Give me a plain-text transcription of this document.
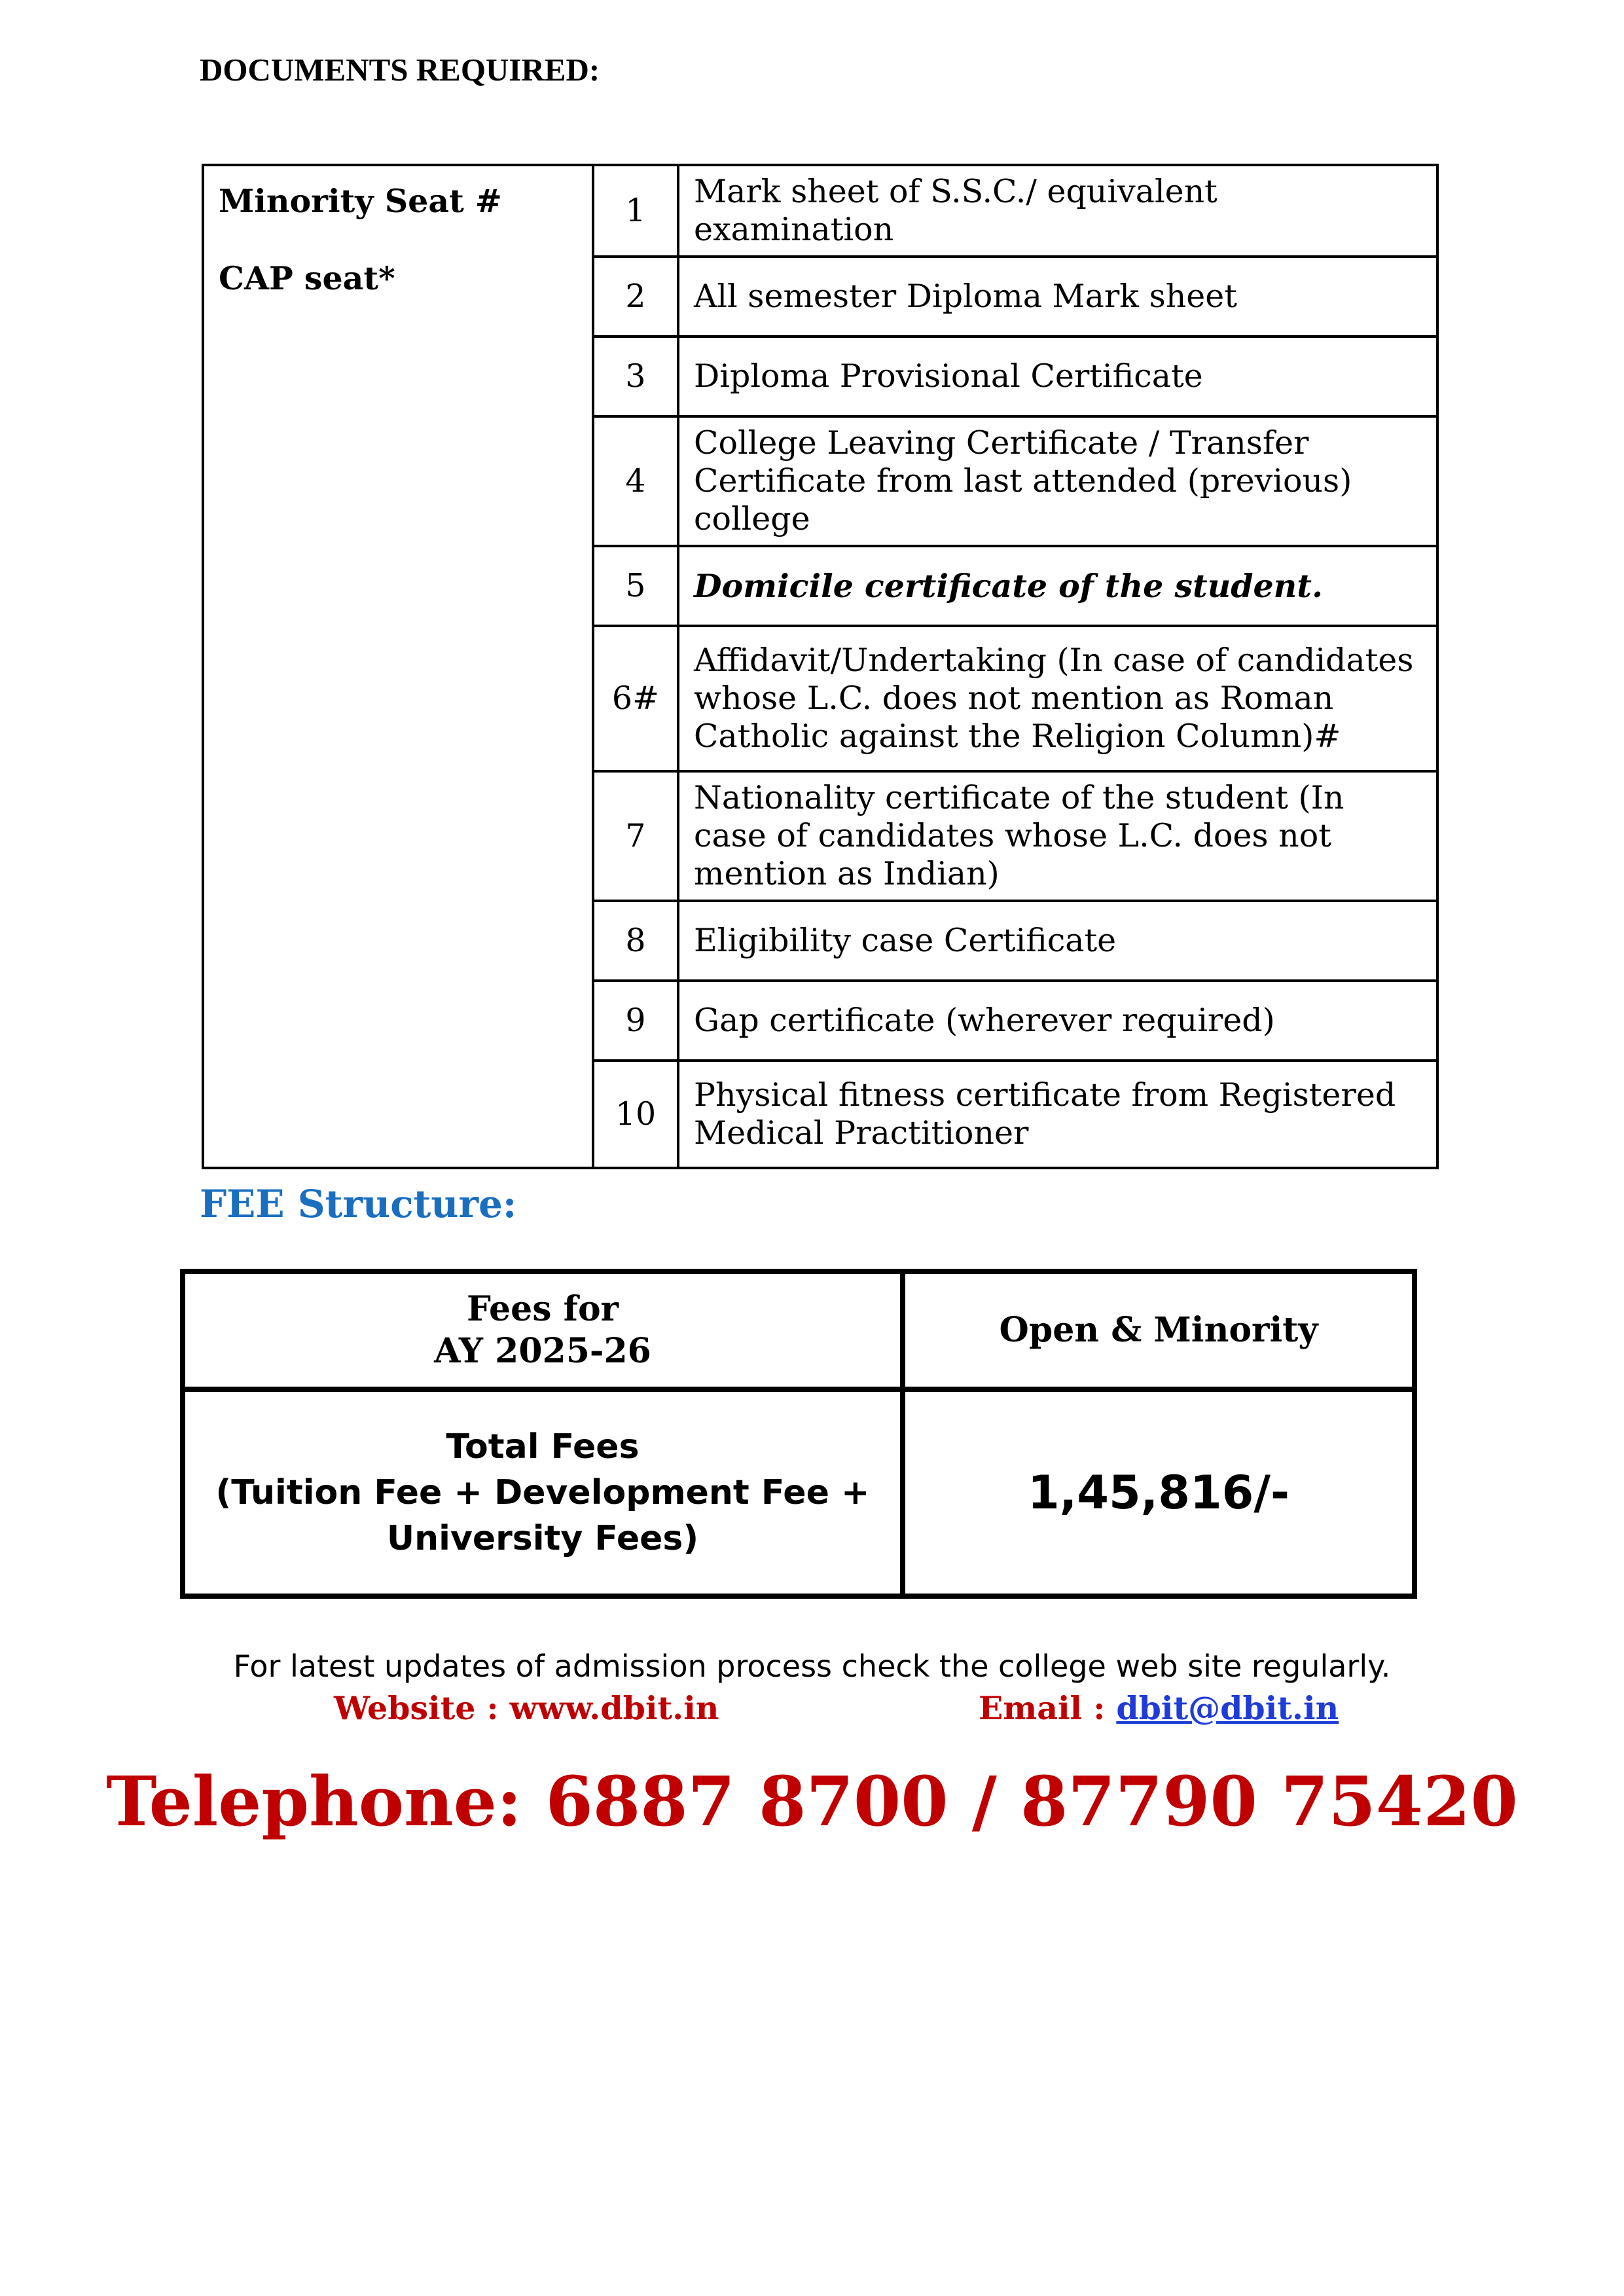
DOCUMENTS REQUIRED:
Minority Seat #
CAP seat*	1	Mark sheet of S.S.C./ equivalent examination
	2	All semester Diploma Mark sheet
	3	Diploma Provisional Certificate
	4	College Leaving Certificate / Transfer Certificate from last attended (previous) college
	5	Domicile certificate of the student.
	6#	Affidavit/Undertaking (In case of candidates whose L.C. does not mention as Roman Catholic against the Religion Column)#
	7	Nationality certificate of the student (In case of candidates whose L.C. does not mention as Indian)
	8	Eligibility case Certificate
	9	Gap certificate (wherever required)
	10	Physical fitness certificate from Registered Medical Practitioner
FEE Structure:
Fees for
AY 2025-26	Open & Minority

Total Fees
(Tuition Fee + Development Fee +
University Fees)	1,45,816/-
For latest updates of admission process check the college web site regularly.
Website : www.dbit.in	Email : dbit@dbit.in
Telephone: 6887 8700 / 87790 75420
